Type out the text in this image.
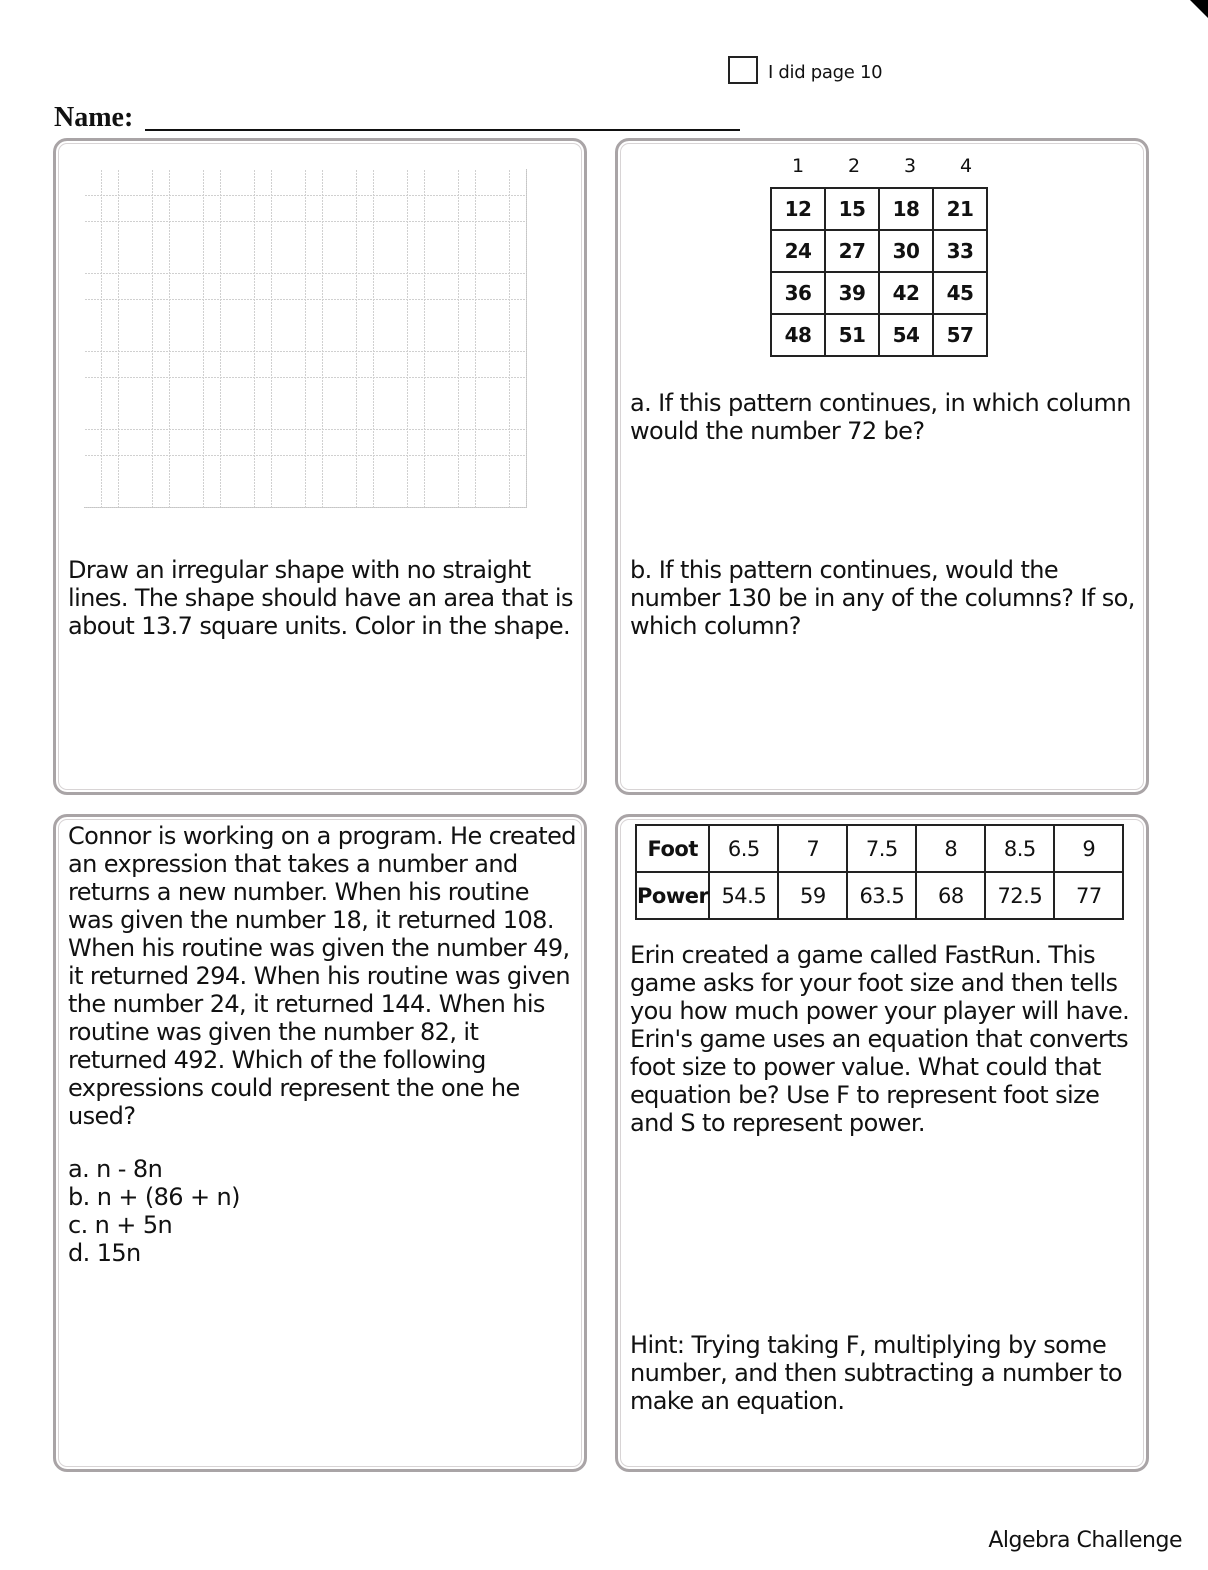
I did page 10
Name:
Draw an irregular shape with no straight lines. The shape should have an area that is about 13.7 square units. Color in the shape.
a. If this pattern continues, in which column would the number 72 be?
b. If this pattern continues, would the number 130 be in any of the columns? If so, which column?
1	2	3	4
12	15	18	21
24	27	30	33
36	39	42	45
48	51	54	57
Connor is working on a program. He created an expression that takes a number and returns a new number. When his routine was given the number 18, it returned 108. When his routine was given the number 49, it returned 294. When his routine was given the number 24, it returned 144. When his routine was given the number 82, it returned 492. Which of the following expressions could represent the one he used?
a. n - 8n
b. n + (86 + n)
c. n + 5n
d. 15n
Erin created a game called FastRun. This game asks for your foot size and then tells you how much power your player will have. Erin's game uses an equation that converts foot size to power value. What could that equation be? Use F to represent foot size and S to represent power.
Hint: Trying taking F, multiplying by some number, and then subtracting a number to make an equation.
Foot	6.5	7	7.5	8	8.5	9
Power	54.5	59	63.5	68	72.5	77
Algebra Challenge
